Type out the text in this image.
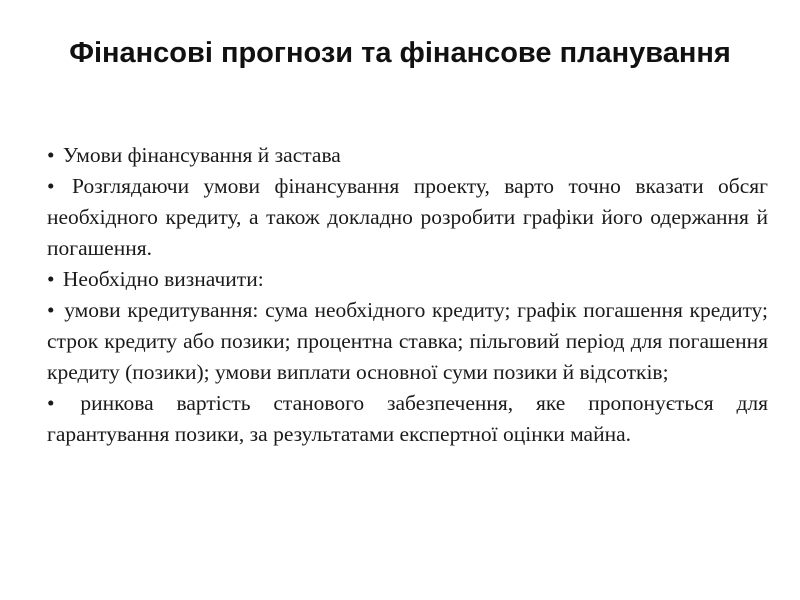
Фінансові прогнози та фінансове планування

• Умови фінансування й застава

• Розглядаючи умови фінансування проекту, варто точно вказати обсяг необхідного кредиту, а також докладно розробити графіки його одержання й погашення.

• Необхідно визначити:

• умови кредитування: сума необхідного кредиту; графік погашення кредиту; строк кредиту або позики; процентна ставка; пільговий період для погашення кредиту (позики); умови виплати основної суми позики й відсотків;

• ринкова вартість станового забезпечення, яке пропонується для гарантування позики, за результатами експертної оцінки майна.
